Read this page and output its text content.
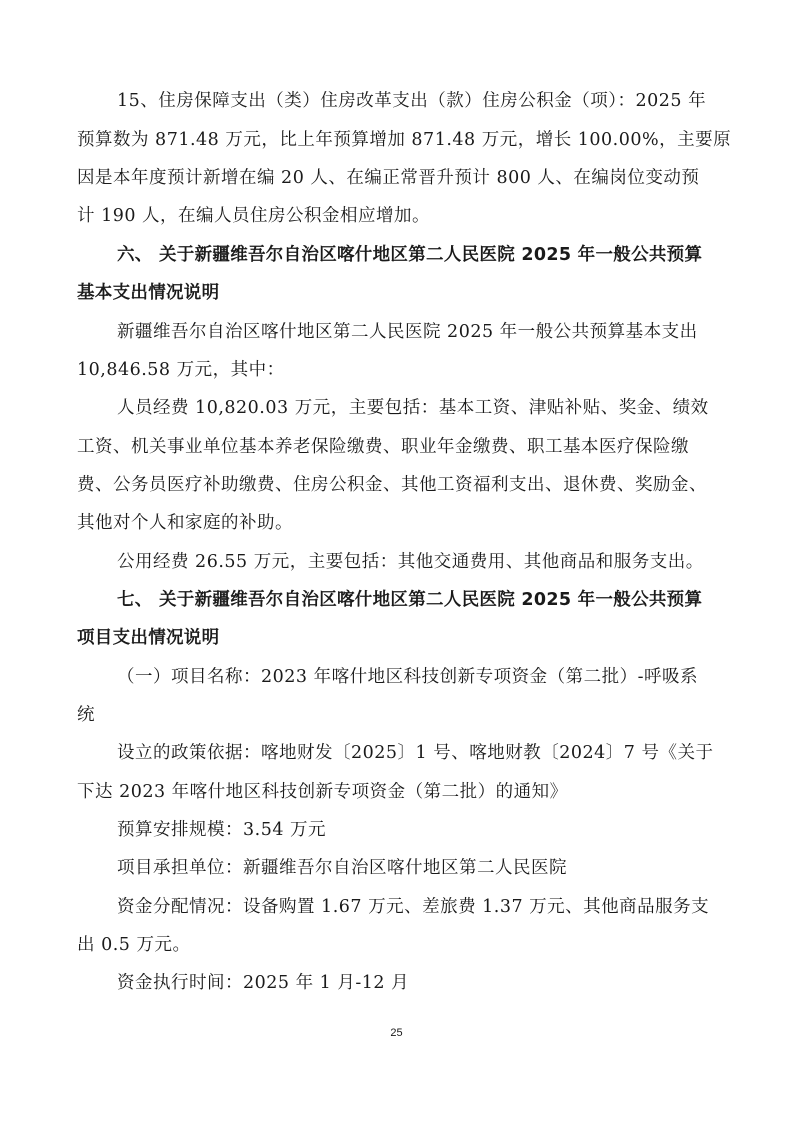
15、住房保障支出（类）住房改革支出（款）住房公积金（项）：2025 年
预算数为 871.48 万元，比上年预算增加 871.48 万元，增长 100.00%，主要原
因是本年度预计新增在编 20 人、在编正常晋升预计 800 人、在编岗位变动预
计 190 人，在编人员住房公积金相应增加。
六、 关于新疆维吾尔自治区喀什地区第二人民医院 2025 年一般公共预算
基本支出情况说明
新疆维吾尔自治区喀什地区第二人民医院 2025 年一般公共预算基本支出
10,846.58 万元，其中：
人员经费 10,820.03 万元，主要包括：基本工资、津贴补贴、奖金、绩效
工资、机关事业单位基本养老保险缴费、职业年金缴费、职工基本医疗保险缴
费、公务员医疗补助缴费、住房公积金、其他工资福利支出、退休费、奖励金、
其他对个人和家庭的补助。
公用经费 26.55 万元，主要包括：其他交通费用、其他商品和服务支出。
七、 关于新疆维吾尔自治区喀什地区第二人民医院 2025 年一般公共预算
项目支出情况说明
（一）项目名称：2023 年喀什地区科技创新专项资金（第二批）-呼吸系
统
设立的政策依据：喀地财发〔2025〕1 号、喀地财教〔2024〕7 号《关于
下达 2023 年喀什地区科技创新专项资金（第二批）的通知》
预算安排规模：3.54 万元
项目承担单位：新疆维吾尔自治区喀什地区第二人民医院
资金分配情况：设备购置 1.67 万元、差旅费 1.37 万元、其他商品服务支
出 0.5 万元。
资金执行时间：2025 年 1 月-12 月
25
